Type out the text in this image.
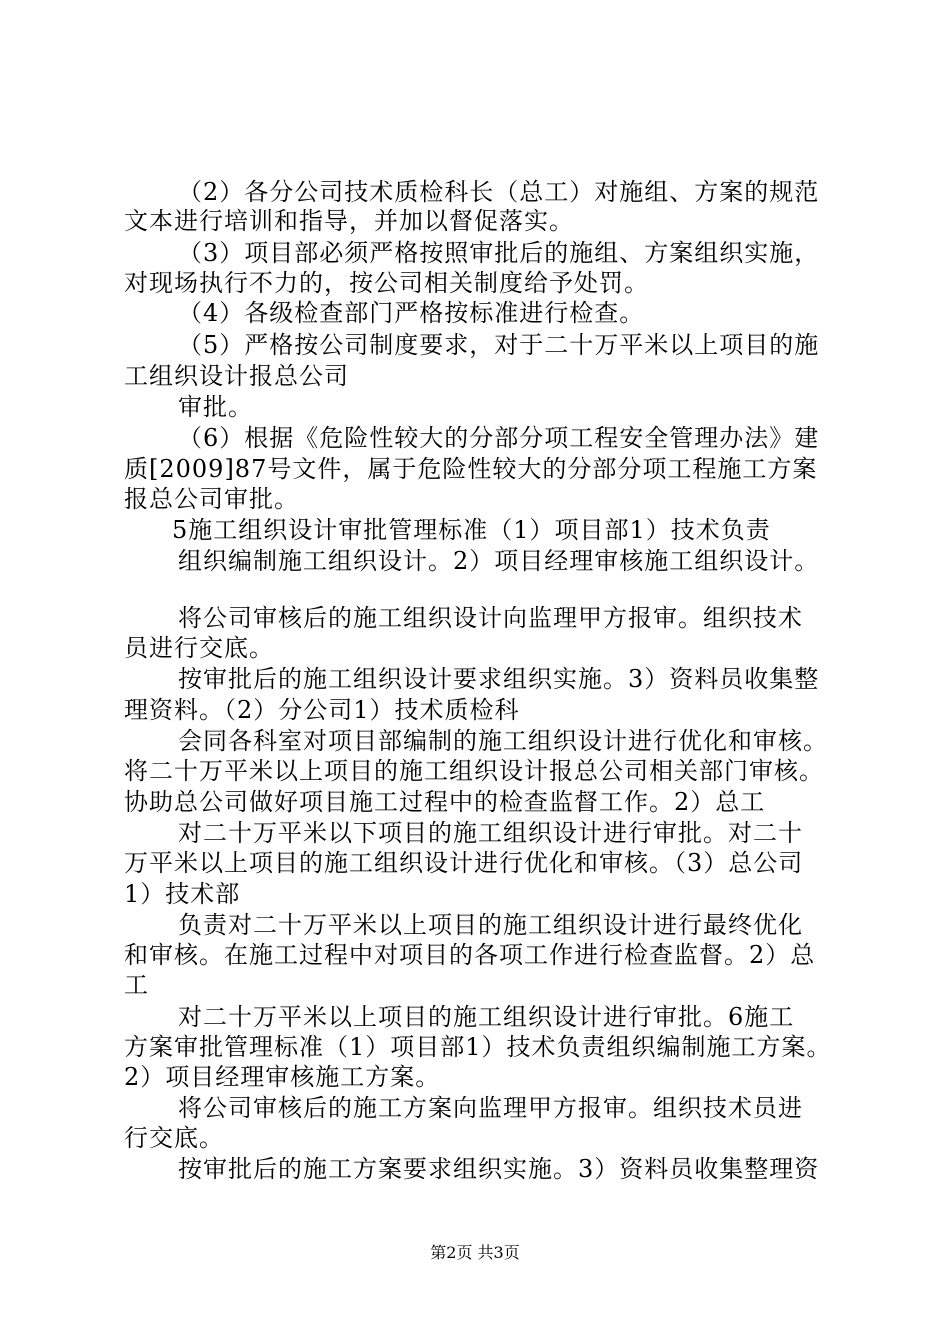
（2）各分公司技术质检科长（总工）对施组、方案的规范
文本进行培训和指导，并加以督促落实。
（3）项目部必须严格按照审批后的施组、方案组织实施，
对现场执行不力的，按公司相关制度给予处罚。
（4）各级检查部门严格按标准进行检查。
（5）严格按公司制度要求，对于二十万平米以上项目的施
工组织设计报总公司
审批。
（6）根据《危险性较大的分部分项工程安全管理办法》建
质[2009]87号文件，属于危险性较大的分部分项工程施工方案
报总公司审批。
5施工组织设计审批管理标准（1）项目部1）技术负责
组织编制施工组织设计。2）项目经理审核施工组织设计。
将公司审核后的施工组织设计向监理甲方报审。组织技术
员进行交底。
按审批后的施工组织设计要求组织实施。3）资料员收集整
理资料。（2）分公司1）技术质检科
会同各科室对项目部编制的施工组织设计进行优化和审核。
将二十万平米以上项目的施工组织设计报总公司相关部门审核。
协助总公司做好项目施工过程中的检查监督工作。2）总工
对二十万平米以下项目的施工组织设计进行审批。对二十
万平米以上项目的施工组织设计进行优化和审核。（3）总公司
1）技术部
负责对二十万平米以上项目的施工组织设计进行最终优化
和审核。在施工过程中对项目的各项工作进行检查监督。2）总
工
对二十万平米以上项目的施工组织设计进行审批。6施工
方案审批管理标准（1）项目部1）技术负责组织编制施工方案。
2）项目经理审核施工方案。
将公司审核后的施工方案向监理甲方报审。组织技术员进
行交底。
按审批后的施工方案要求组织实施。3）资料员收集整理资
第2页 共3页
